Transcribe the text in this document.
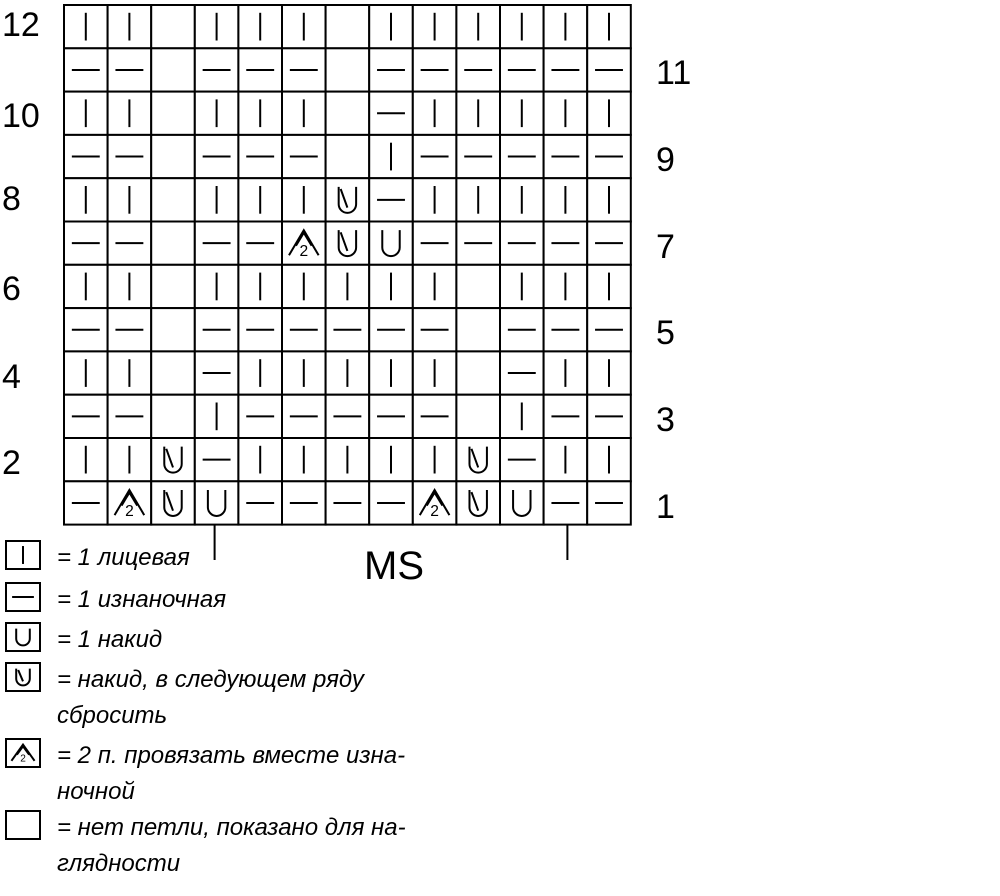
2
2	2
12
11
10
9
8
7
6
5
4
3
2
1
MS
= 1 лицевая
= 1 изнаночная
= 1 накид
= накид, в следующем ряду сбросить
2 = 2 п. провязать вместе изна-ночной
= нет петли, показано для на-глядности
